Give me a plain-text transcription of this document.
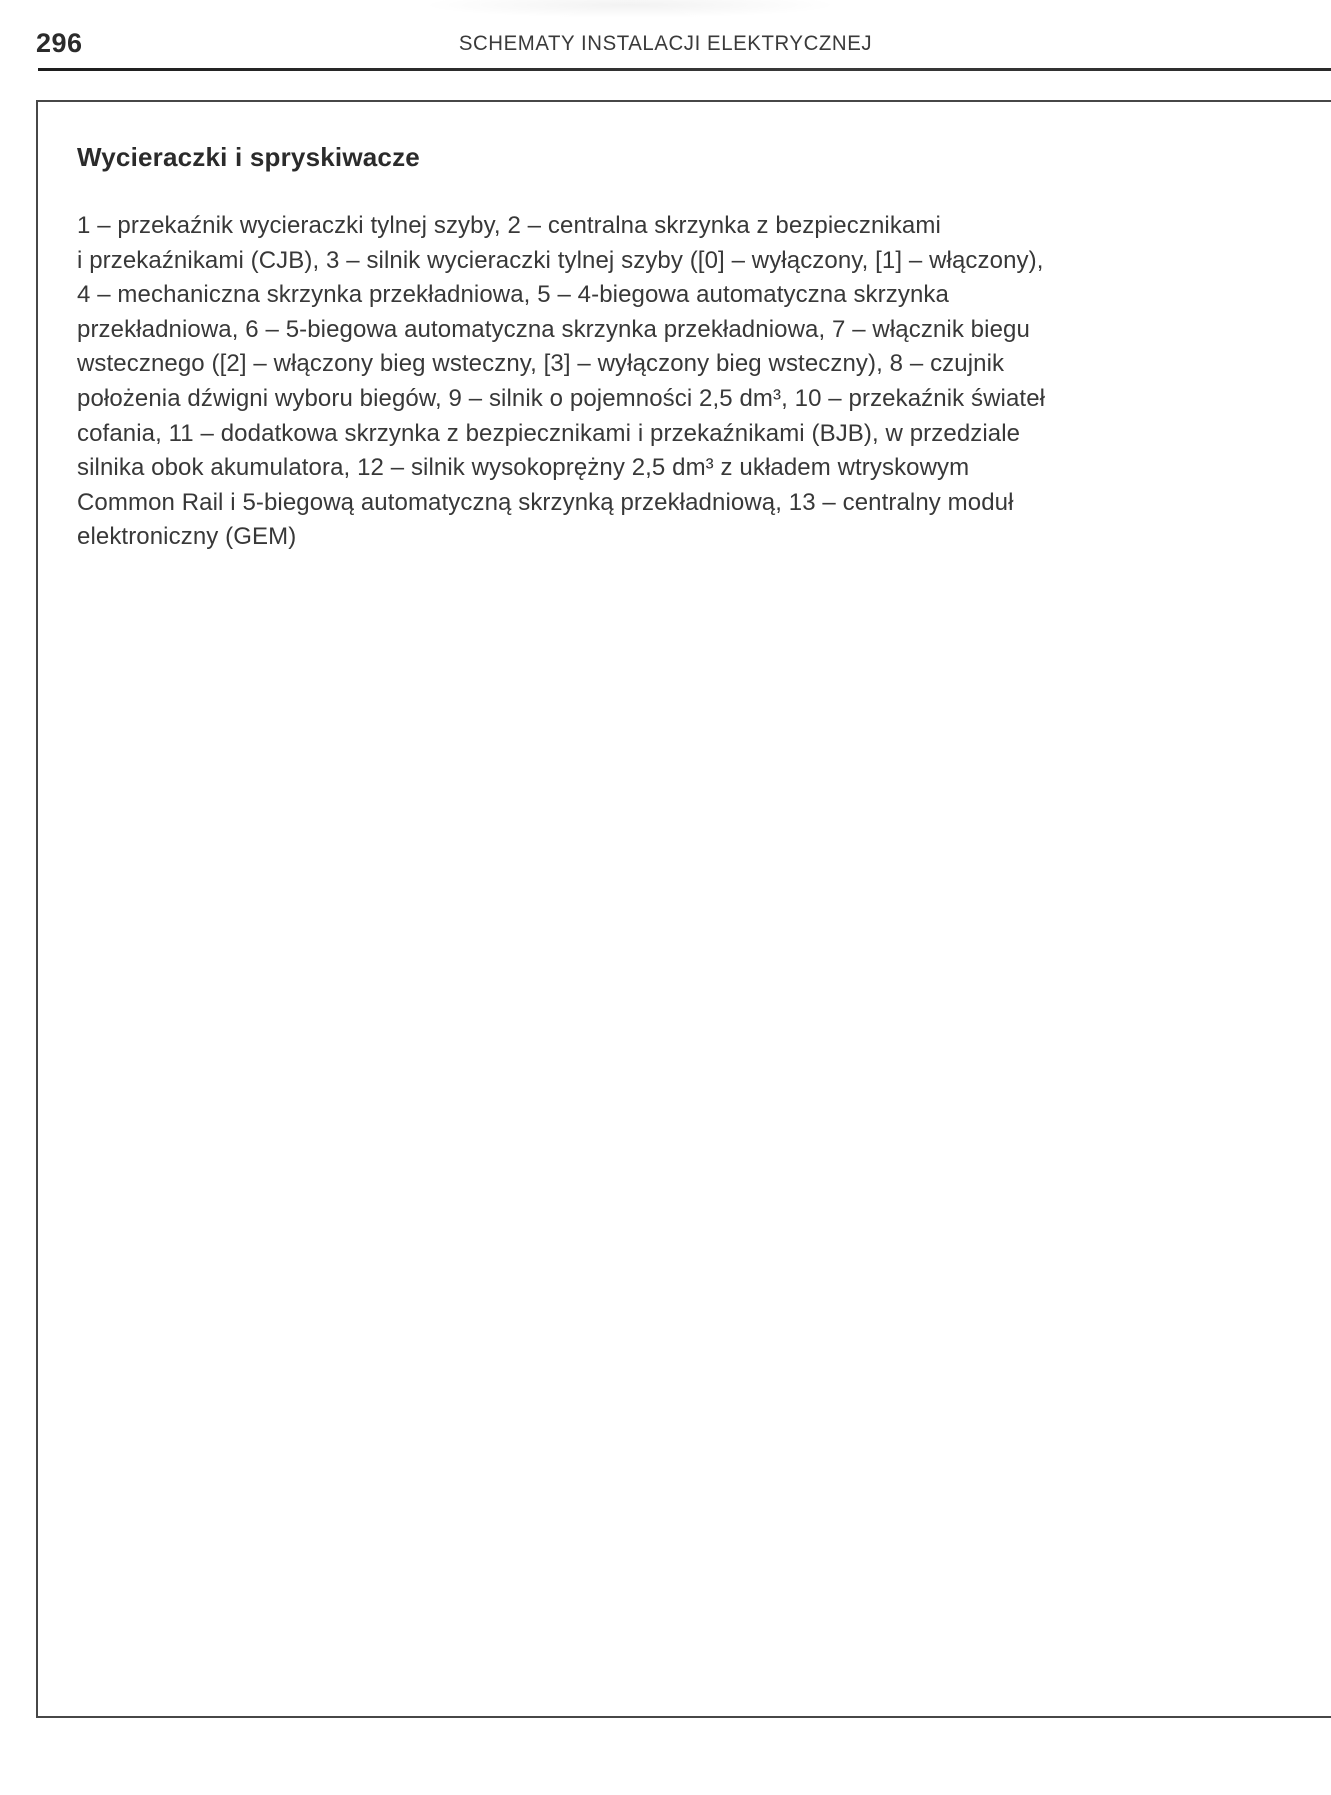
296	SCHEMATY INSTALACJI ELEKTRYCZNEJ
Wycieraczki i spryskiwacze
1 – przekaźnik wycieraczki tylnej szyby, 2 – centralna skrzynka z bezpiecznikami
i przekaźnikami (CJB), 3 – silnik wycieraczki tylnej szyby ([0] – wyłączony, [1] – włączony),
4 – mechaniczna skrzynka przekładniowa, 5 – 4-biegowa automatyczna skrzynka
przekładniowa, 6 – 5-biegowa automatyczna skrzynka przekładniowa, 7 – włącznik biegu
wstecznego ([2] – włączony bieg wsteczny, [3] – wyłączony bieg wsteczny), 8 – czujnik
położenia dźwigni wyboru biegów, 9 – silnik o pojemności 2,5 dm³, 10 – przekaźnik świateł
cofania, 11 – dodatkowa skrzynka z bezpiecznikami i przekaźnikami (BJB), w przedziale
silnika obok akumulatora, 12 – silnik wysokoprężny 2,5 dm³ z układem wtryskowym
Common Rail i 5-biegową automatyczną skrzynką przekładniową, 13 – centralny moduł
elektroniczny (GEM)
